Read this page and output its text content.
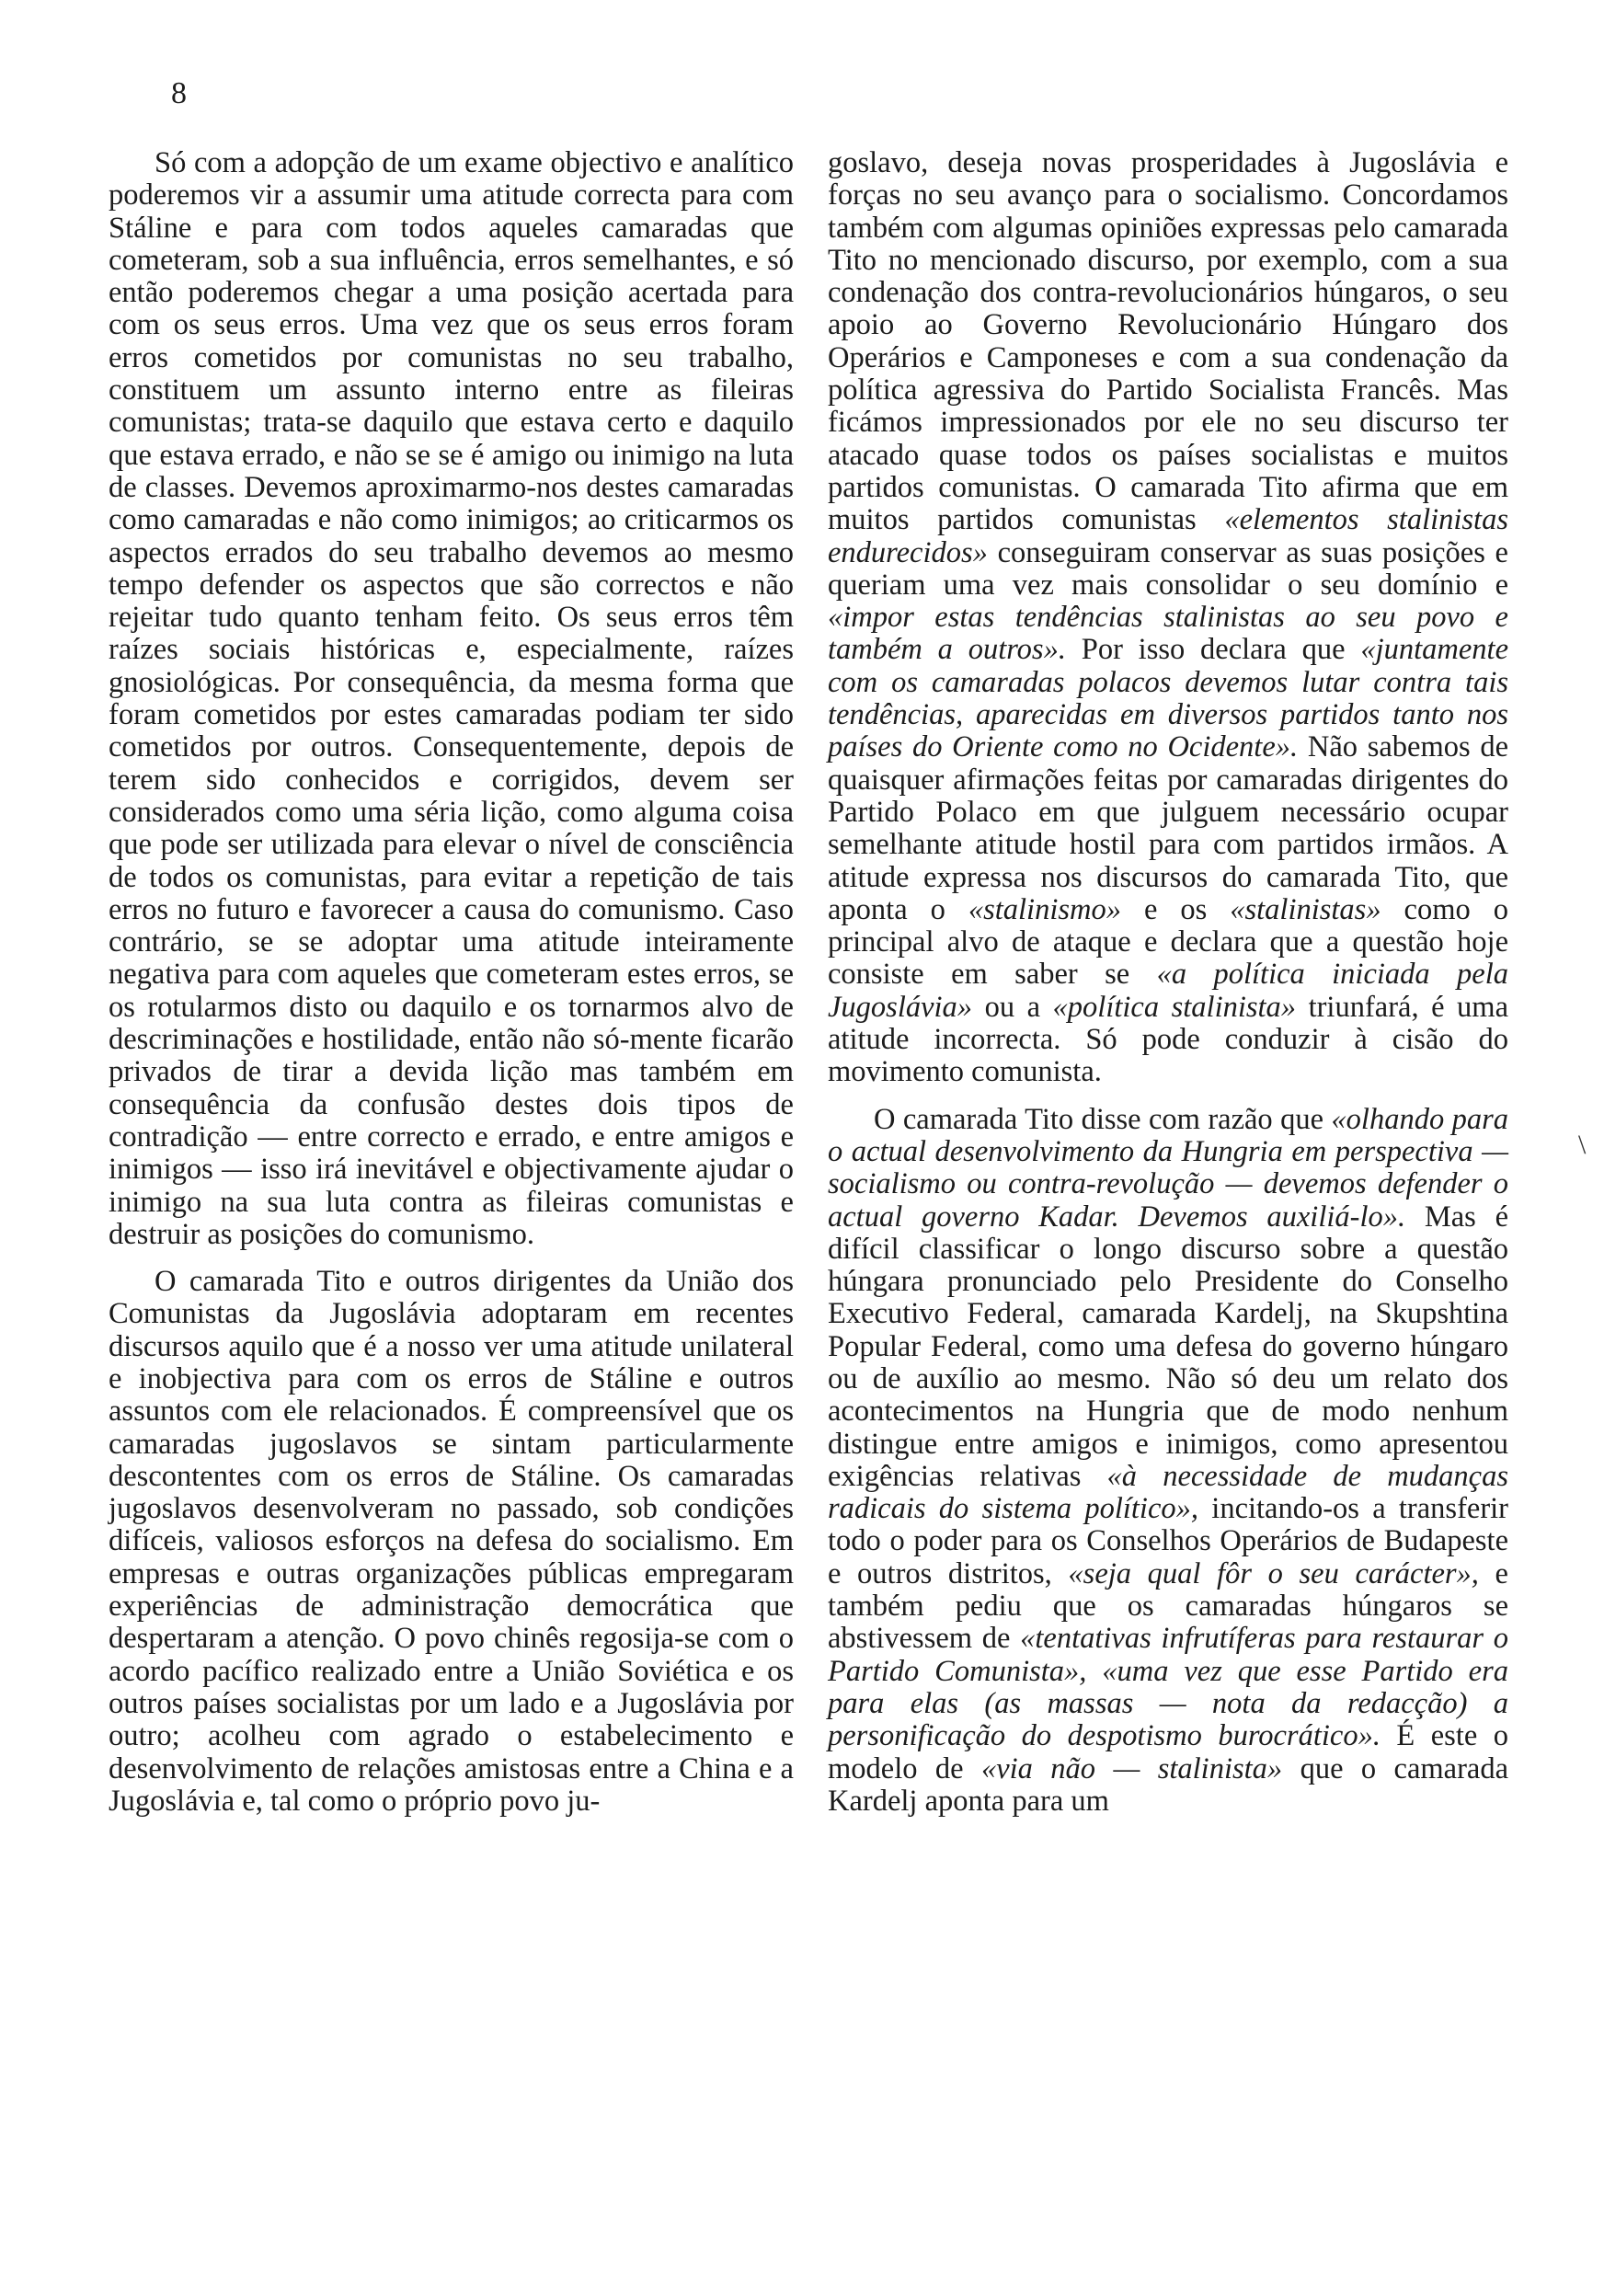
8

Só com a adopção de um exame objectivo e analítico poderemos vir a assumir uma atitude correcta para com Stáline e para com todos aqueles camaradas que cometeram, sob a sua influência, erros semelhantes, e só então poderemos chegar a uma posição acertada para com os seus erros. Uma vez que os seus erros foram erros cometidos por comunistas no seu trabalho, constituem um assunto interno entre as fileiras comunistas; trata-se daquilo que estava certo e daquilo que estava errado, e não se se é amigo ou inimigo na luta de classes. Devemos aproximarmo-nos destes camaradas como camaradas e não como inimigos; ao criticarmos os aspectos errados do seu trabalho devemos ao mesmo tempo defender os aspectos que são correctos e não rejeitar tudo quanto tenham feito. Os seus erros têm raízes sociais históricas e, especialmente, raízes gnosiológicas. Por consequência, da mesma forma que foram cometidos por estes camaradas podiam ter sido cometidos por outros. Consequentemente, depois de terem sido conhecidos e corrigidos, devem ser considerados como uma séria lição, como alguma coisa que pode ser utilizada para elevar o nível de consciência de todos os comunistas, para evitar a repetição de tais erros no futuro e favorecer a causa do comunismo. Caso contrário, se se adoptar uma atitude inteiramente negativa para com aqueles que cometeram estes erros, se os rotularmos disto ou daquilo e os tornarmos alvo de descriminações e hostilidade, então não só-mente ficarão privados de tirar a devida lição mas também em consequência da confusão destes dois tipos de contradição — entre correcto e errado, e entre amigos e inimigos — isso irá inevitável e objectivamente ajudar o inimigo na sua luta contra as fileiras comunistas e destruir as posições do comunismo.

O camarada Tito e outros dirigentes da União dos Comunistas da Jugoslávia adoptaram em recentes discursos aquilo que é a nosso ver uma atitude unilateral e inobjectiva para com os erros de Stáline e outros assuntos com ele relacionados. É compreensível que os camaradas jugoslavos se sintam particularmente descontentes com os erros de Stáline. Os camaradas jugoslavos desenvolveram no passado, sob condições difíceis, valiosos esforços na defesa do socialismo. Em empresas e outras organizações públicas empregaram experiências de administração democrática que despertaram a atenção. O povo chinês regosija-se com o acordo pacífico realizado entre a União Soviética e os outros países socialistas por um lado e a Jugoslávia por outro; acolheu com agrado o estabelecimento e desenvolvimento de relações amistosas entre a China e a Jugoslávia e, tal como o próprio povo ju-

goslavo, deseja novas prosperidades à Jugoslávia e forças no seu avanço para o socialismo. Concordamos também com algumas opiniões expressas pelo camarada Tito no mencionado discurso, por exemplo, com a sua condenação dos contra-revolucionários húngaros, o seu apoio ao Governo Revolucionário Húngaro dos Operários e Camponeses e com a sua condenação da política agressiva do Partido Socialista Francês. Mas ficámos impressionados por ele no seu discurso ter atacado quase todos os países socialistas e muitos partidos comunistas. O camarada Tito afirma que em muitos partidos comunistas «elementos stalinistas endurecidos» conseguiram conservar as suas posições e queriam uma vez mais consolidar o seu domínio e «impor estas tendências stalinistas ao seu povo e também a outros». Por isso declara que «juntamente com os camaradas polacos devemos lutar contra tais tendências, aparecidas em diversos partidos tanto nos países do Oriente como no Ocidente». Não sabemos de quaisquer afirmações feitas por camaradas dirigentes do Partido Polaco em que julguem necessário ocupar semelhante atitude hostil para com partidos irmãos. A atitude expressa nos discursos do camarada Tito, que aponta o «stalinismo» e os «stalinistas» como o principal alvo de ataque e declara que a questão hoje consiste em saber se «a política iniciada pela Jugoslávia» ou a «política stalinista» triunfará, é uma atitude incorrecta. Só pode conduzir à cisão do movimento comunista.

O camarada Tito disse com razão que «olhando para o actual desenvolvimento da Hungria em perspectiva — socialismo ou contra-revolução — devemos defender o actual governo Kadar. Devemos auxiliá-lo». Mas é difícil classificar o longo discurso sobre a questão húngara pronunciado pelo Presidente do Conselho Executivo Federal, camarada Kardelj, na Skupshtina Popular Federal, como uma defesa do governo húngaro ou de auxílio ao mesmo. Não só deu um relato dos acontecimentos na Hungria que de modo nenhum distingue entre amigos e inimigos, como apresentou exigências relativas «à necessidade de mudanças radicais do sistema político», incitando-os a transferir todo o poder para os Conselhos Operários de Budapeste e outros distritos, «seja qual fôr o seu carácter», e também pediu que os camaradas húngaros se abstivessem de «tentativas infrutíferas para restaurar o Partido Comunista», «uma vez que esse Partido era para elas (as massas — nota da redacção) a personificação do despotismo burocrático». É este o modelo de «via não — stalinista» que o camarada Kardelj aponta para um

\
